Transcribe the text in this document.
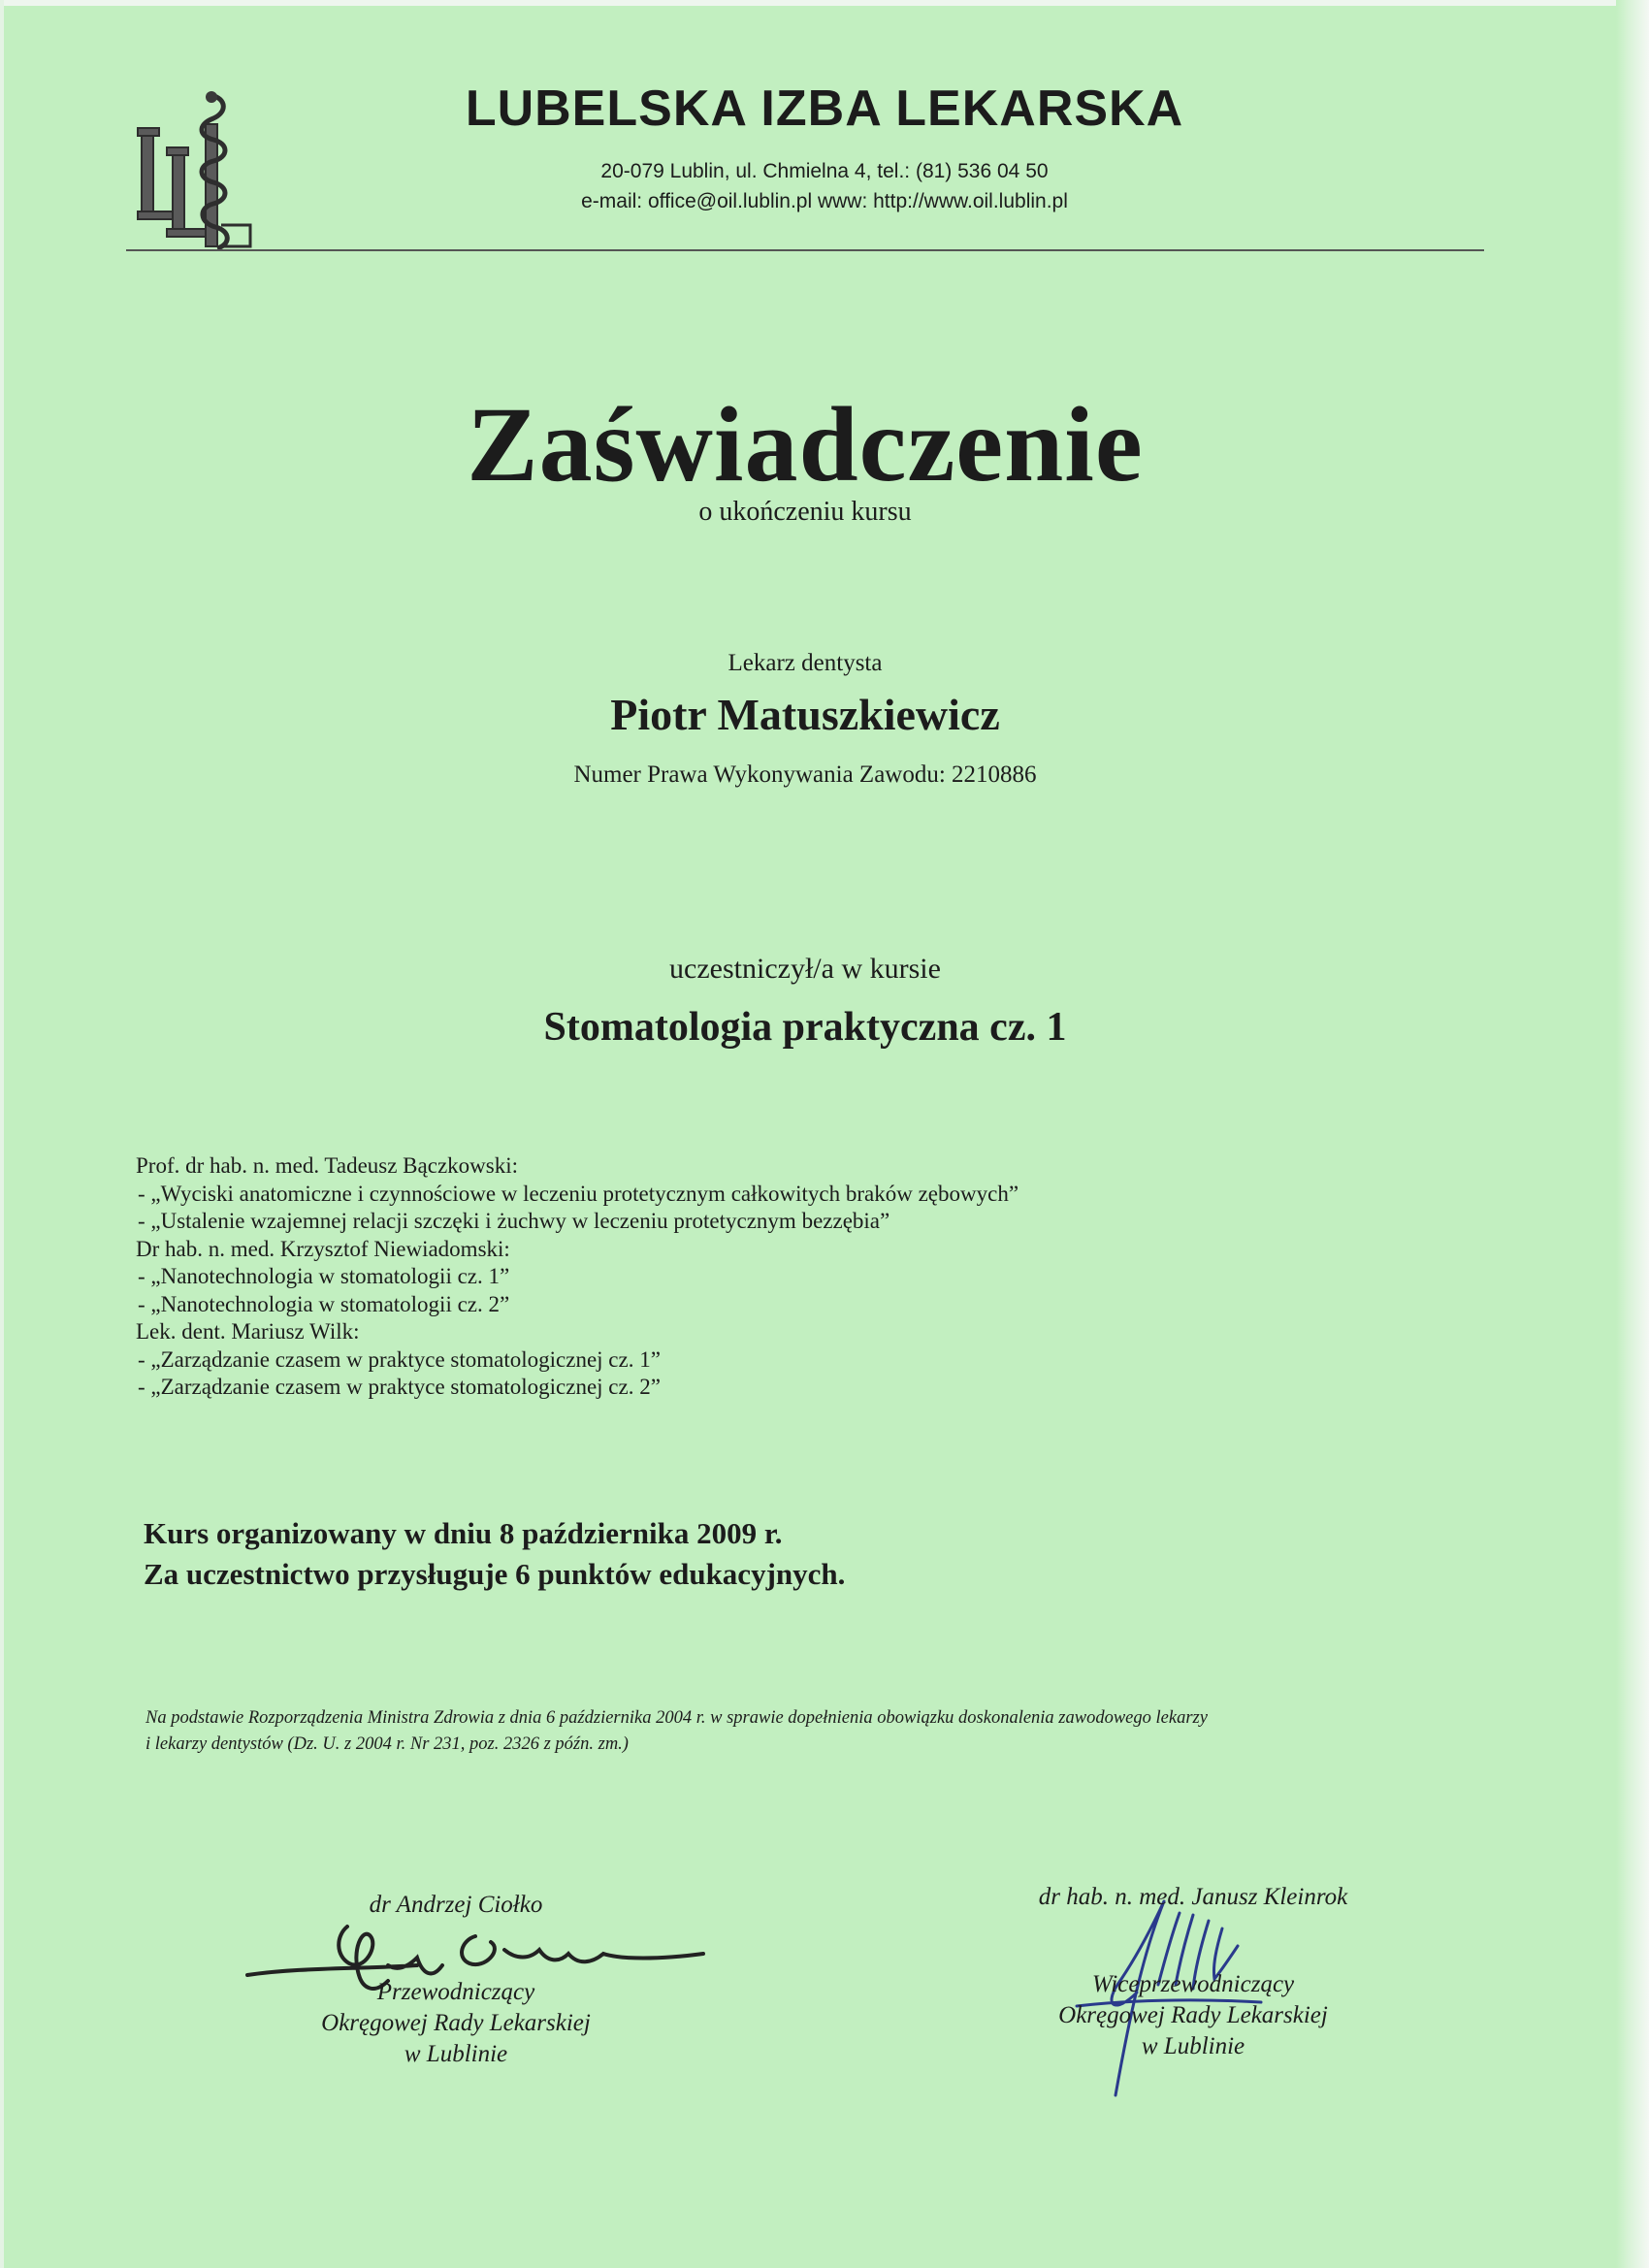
LUBELSKA IZBA LEKARSKA
20-079 Lublin, ul. Chmielna 4, tel.: (81) 536 04 50
e-mail: office@oil.lublin.pl www: http://www.oil.lublin.pl
Zaświadczenie
o ukończeniu kursu
Lekarz dentysta
Piotr Matuszkiewicz
Numer Prawa Wykonywania Zawodu: 2210886
uczestniczył/a w kursie
Stomatologia praktyczna cz. 1
Prof. dr hab. n. med. Tadeusz Bączkowski:
- „Wyciski anatomiczne i czynnościowe w leczeniu protetycznym całkowitych braków zębowych”
- „Ustalenie wzajemnej relacji szczęki i żuchwy w leczeniu protetycznym bezzębia”
Dr hab. n. med. Krzysztof Niewiadomski:
- „Nanotechnologia w stomatologii cz. 1”
- „Nanotechnologia w stomatologii cz. 2”
Lek. dent. Mariusz Wilk:
- „Zarządzanie czasem w praktyce stomatologicznej cz. 1”
- „Zarządzanie czasem w praktyce stomatologicznej cz. 2”
Kurs organizowany w dniu 8 października 2009 r.
Za uczestnictwo przysługuje 6 punktów edukacyjnych.
Na podstawie Rozporządzenia Ministra Zdrowia z dnia 6 października 2004 r. w sprawie dopełnienia obowiązku doskonalenia zawodowego lekarzy
i lekarzy dentystów (Dz. U. z 2004 r. Nr 231, poz. 2326 z późn. zm.)
dr Andrzej Ciołko
Przewodniczący
Okręgowej Rady Lekarskiej
w Lublinie
dr hab. n. med. Janusz Kleinrok
Wiceprzewodniczący
Okręgowej Rady Lekarskiej
w Lublinie
